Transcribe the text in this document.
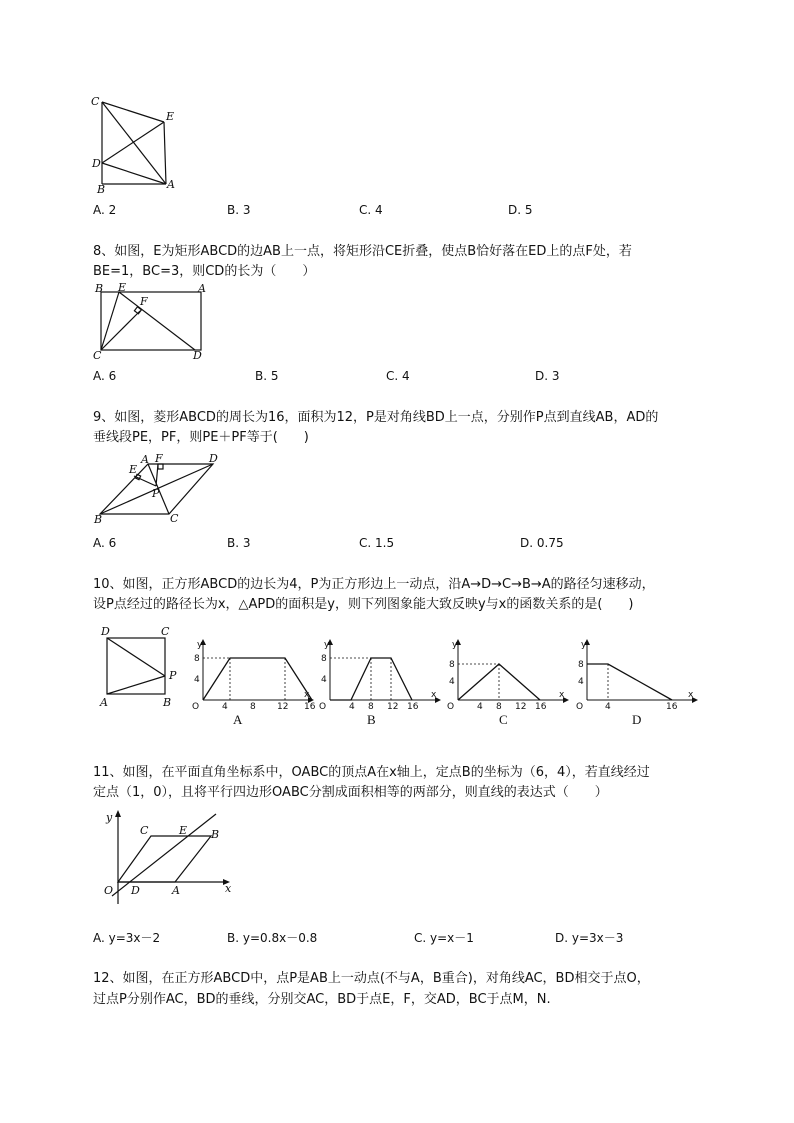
C
E
D
B	A
A. 2	B. 3	C. 4	D. 5
8、如图，E为矩形ABCD的边AB上一点，将矩形沿CE折叠，使点B恰好落在ED上的点F处，若
BE=1，BC=3，则CD的长为（　　）
B E
F
A
C	D
A. 6	B. 5	C. 4	D. 3
9、如图，菱形ABCD的周长为16，面积为12，P是对角线BD上一点，分别作P点到直线AB，AD的
垂线段PE，PF，则PE＋PF等于(　　)
A F	D
E
P
B	C
A. 6	B. 3	C. 1.5	D. 0.75
10、如图，正方形ABCD的边长为4，P为正方形边上一动点，沿A→D→C→B→A的路径匀速移动，
设P点经过的路径长为x，△APD的面积是y，则下列图象能大致反映y与x的函数关系的是(　　)
D	C
P
A	B
y
O
8
4
4 8 12 16
x
A
y
O
8
4
4 8 12 16
x
B
y
O
8
4
4 8 12 16
x
C
y
O
8
4
4	16
x
D
11、如图，在平面直角坐标系中，OABC的顶点A在x轴上，定点B的坐标为（6，4），若直线经过
定点（1，0），且将平行四边形OABC分割成面积相等的两部分，则直线的表达式（　　）
y
C	E B
O D	A	x
A. y=3x－2	B. y=0.8x－0.8	C. y=x－1	D. y=3x－3
12、如图，在正方形ABCD中，点P是AB上一动点(不与A，B重合)，对角线AC，BD相交于点O，
过点P分别作AC，BD的垂线，分别交AC，BD于点E，F，交AD，BC于点M，N.
